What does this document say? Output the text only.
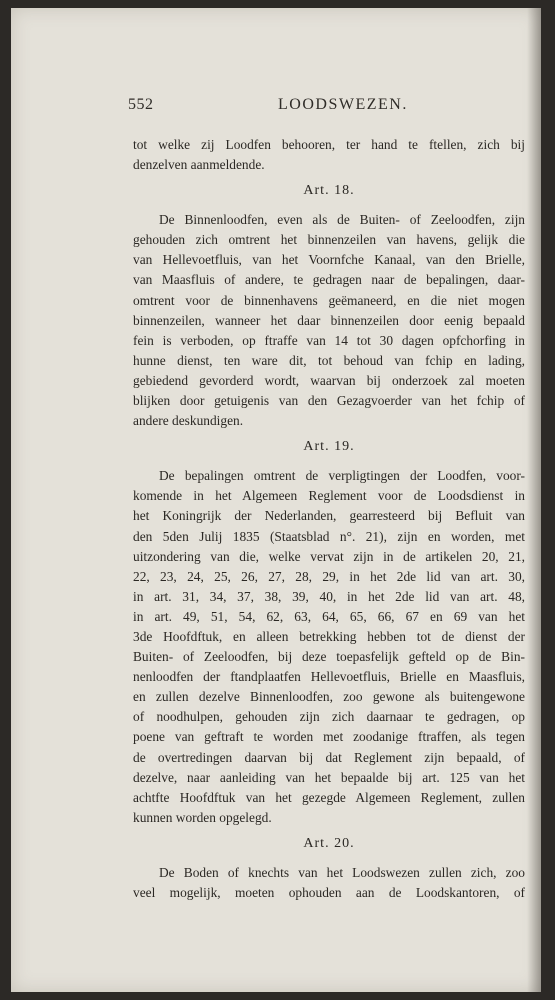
552	LOODSWEZEN.
tot welke zij Loodfen behooren, ter hand te ftellen, zich bij
denzelven aanmeldende.
Art. 18.
De Binnenloodfen, even als de Buiten- of Zeeloodfen, zijn
gehouden zich omtrent het binnenzeilen van havens, gelijk die
van Hellevoetfluis, van het Voornfche Kanaal, van den Brielle,
van Maasfluis of andere, te gedragen naar de bepalingen, daar-
omtrent voor de binnenhavens geëmaneerd, en die niet mogen
binnenzeilen, wanneer het daar binnenzeilen door eenig bepaald
fein is verboden, op ftraffe van 14 tot 30 dagen opfchorfing in
hunne dienst, ten ware dit, tot behoud van fchip en lading,
gebiedend gevorderd wordt, waarvan bij onderzoek zal moeten
blijken door getuigenis van den Gezagvoerder van het fchip of
andere deskundigen.
Art. 19.
De bepalingen omtrent de verpligtingen der Loodfen, voor-
komende in het Algemeen Reglement voor de Loodsdienst in
het Koningrijk der Nederlanden, gearresteerd bij Befluit van
den 5den Julij 1835 (Staatsblad n°. 21), zijn en worden, met
uitzondering van die, welke vervat zijn in de artikelen 20, 21,
22, 23, 24, 25, 26, 27, 28, 29, in het 2de lid van art. 30,
in art. 31, 34, 37, 38, 39, 40, in het 2de lid van art. 48,
in art. 49, 51, 54, 62, 63, 64, 65, 66, 67 en 69 van het
3de Hoofdftuk, en alleen betrekking hebben tot de dienst der
Buiten- of Zeeloodfen, bij deze toepasfelijk gefteld op de Bin-
nenloodfen der ftandplaatfen Hellevoetfluis, Brielle en Maasfluis,
en zullen dezelve Binnenloodfen, zoo gewone als buitengewone
of noodhulpen, gehouden zijn zich daarnaar te gedragen, op
poene van geftraft te worden met zoodanige ftraffen, als tegen
de overtredingen daarvan bij dat Reglement zijn bepaald, of
dezelve, naar aanleiding van het bepaalde bij art. 125 van het
achtfte Hoofdftuk van het gezegde Algemeen Reglement, zullen
kunnen worden opgelegd.
Art. 20.
De Boden of knechts van het Loodswezen zullen zich, zoo
veel mogelijk, moeten ophouden aan de Loodskantoren, of
